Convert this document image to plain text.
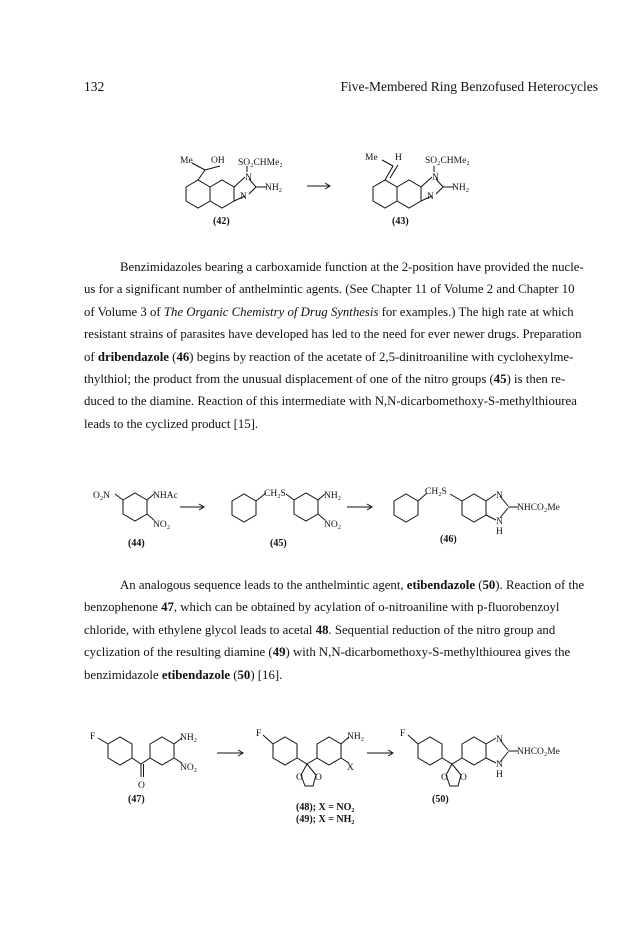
132	Five-Membered Ring Benzofused Heterocycles
Me OH SO₂CHMe₂
N
NH₂
N
(42)
Me H SO₂CHMe₂
N
NH₂
N
(43)
Benzimidazoles bearing a carboxamide function at the 2-position have provided the nucle-
us for a significant number of anthelmintic agents. (See Chapter 11 of Volume 2 and Chapter 10
of Volume 3 of The Organic Chemistry of Drug Synthesis for examples.) The high rate at which
resistant strains of parasites have developed has led to the need for ever newer drugs. Preparation
of dribendazole (46) begins by reaction of the acetate of 2,5-dinitroaniline with cyclohexylme-
thylthiol; the product from the unusual displacement of one of the nitro groups (45) is then re-
duced to the diamine. Reaction of this intermediate with N,N-dicarbomethoxy-S-methylthiourea
leads to the cyclized product [15].
O₂N	NHAc
NO₂
(44)
CH₂S	NH₂
NO₂
(45)
CH₂S	N
NHCO₂Me
N
H
(46)
An analogous sequence leads to the anthelmintic agent, etibendazole (50). Reaction of the
benzophenone 47, which can be obtained by acylation of o-nitroaniline with p-fluorobenzoyl
chloride, with ethylene glycol leads to acetal 48. Sequential reduction of the nitro group and
cyclization of the resulting diamine (49) with N,N-dicarbomethoxy-S-methylthiourea gives the
benzimidazole etibendazole (50) [16].
F	NH₂
NO₂
O
(47)
F	NH₂
X
O O
(48); X = NO₂
(49); X = NH₂
F
N
NHCO₂Me
N
H
O O
(50)
